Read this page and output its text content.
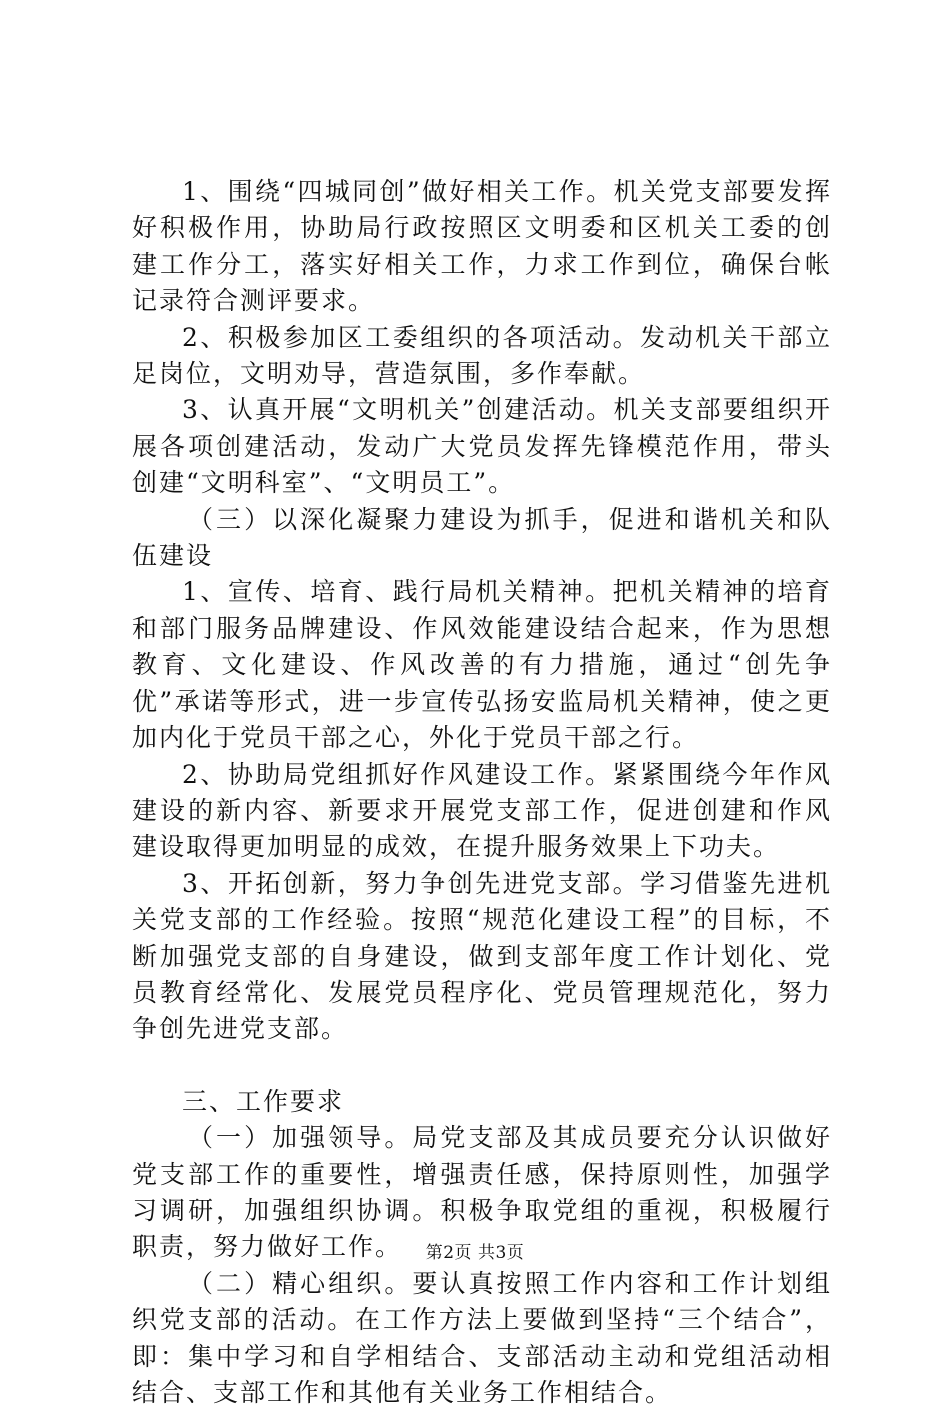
1、围绕“四城同创”做好相关工作。机关党支部要发挥好积极作用，协助局行政按照区文明委和区机关工委的创建工作分工，落实好相关工作，力求工作到位，确保台帐记录符合测评要求。

2、积极参加区工委组织的各项活动。发动机关干部立足岗位，文明劝导，营造氛围，多作奉献。

3、认真开展“文明机关”创建活动。机关支部要组织开展各项创建活动，发动广大党员发挥先锋模范作用，带头创建“文明科室”、“文明员工”。

（三）以深化凝聚力建设为抓手，促进和谐机关和队伍建设

1、宣传、培育、践行局机关精神。把机关精神的培育和部门服务品牌建设、作风效能建设结合起来，作为思想教育、文化建设、作风改善的有力措施，通过“创先争优”承诺等形式，进一步宣传弘扬安监局机关精神，使之更加内化于党员干部之心，外化于党员干部之行。

2、协助局党组抓好作风建设工作。紧紧围绕今年作风建设的新内容、新要求开展党支部工作，促进创建和作风建设取得更加明显的成效，在提升服务效果上下功夫。

3、开拓创新，努力争创先进党支部。学习借鉴先进机关党支部的工作经验。按照“规范化建设工程”的目标，不断加强党支部的自身建设，做到支部年度工作计划化、党员教育经常化、发展党员程序化、党员管理规范化，努力争创先进党支部。

三、工作要求

（一）加强领导。局党支部及其成员要充分认识做好党支部工作的重要性，增强责任感，保持原则性，加强学习调研，加强组织协调。积极争取党组的重视，积极履行职责，努力做好工作。

（二）精心组织。要认真按照工作内容和工作计划组织党支部的活动。在工作方法上要做到坚持“三个结合”，即：集中学习和自学相结合、支部活动主动和党组活动相结合、支部工作和其他有关业务工作相结合。

第2页 共3页
